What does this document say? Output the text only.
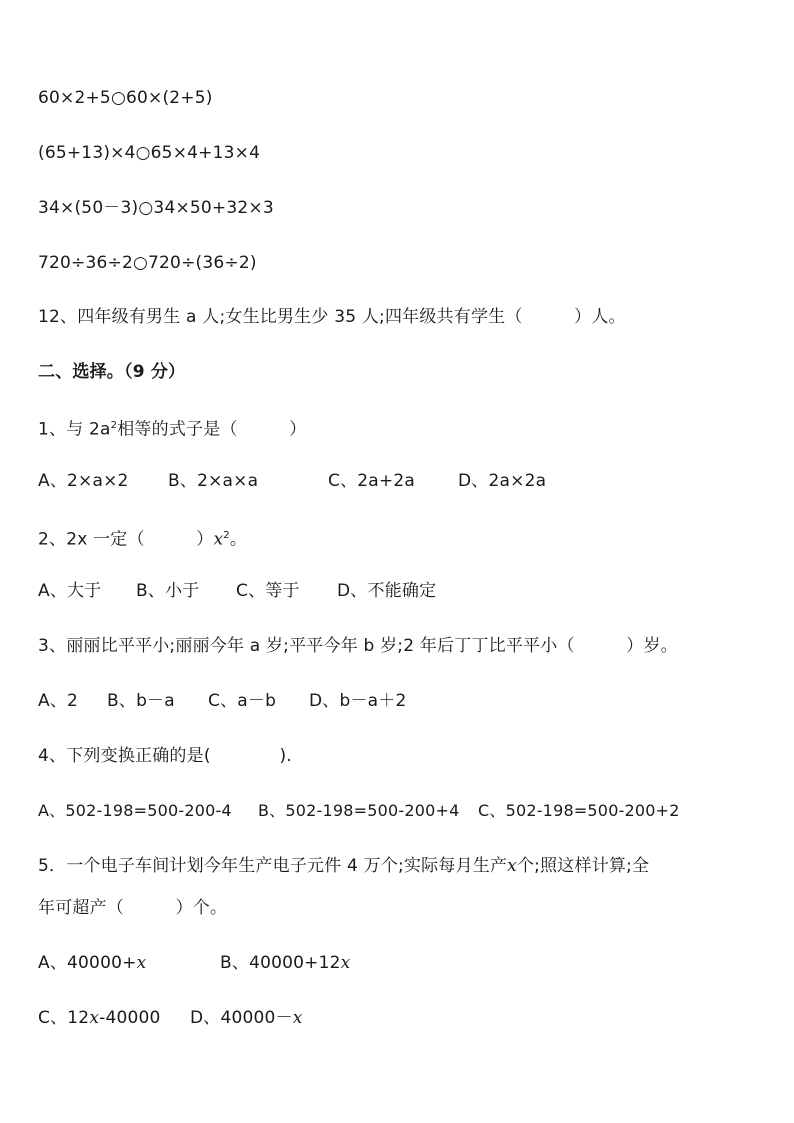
60×2+5○60×(2+5)
(65+13)×4○65×4+13×4
34×(50－3)○34×50+32×3
720÷36÷2○720÷(36÷2)
12、四年级有男生 a 人;女生比男生少 35 人;四年级共有学生（　　　）人。
二、选择。（9 分）
1、与 $2a^2$相等的式子是（　　　）
A、2×a×2 B、2×a×a	C、2a+2a	D、2a×2a
2、2x 一定（　　　）$x^2$。
A、大于 B、小于 C、等于 D、不能确定
3、丽丽比平平小;丽丽今年 a 岁;平平今年 b 岁;2 年后丁丁比平平小（　　　）岁。
A、2 B、b－a C、a－b D、b－a＋2
4、下列变换正确的是(　　　　).
A、502-198=500-200-4 B、502-198=500-200+4 C、502-198=500-200+2
5．一个电子车间计划今年生产电子元件 4 万个;实际每月生产x个;照这样计算;全
年可超产（　　　）个。
A、40000+x	B、40000+12x
C、12x-40000 D、40000－x
